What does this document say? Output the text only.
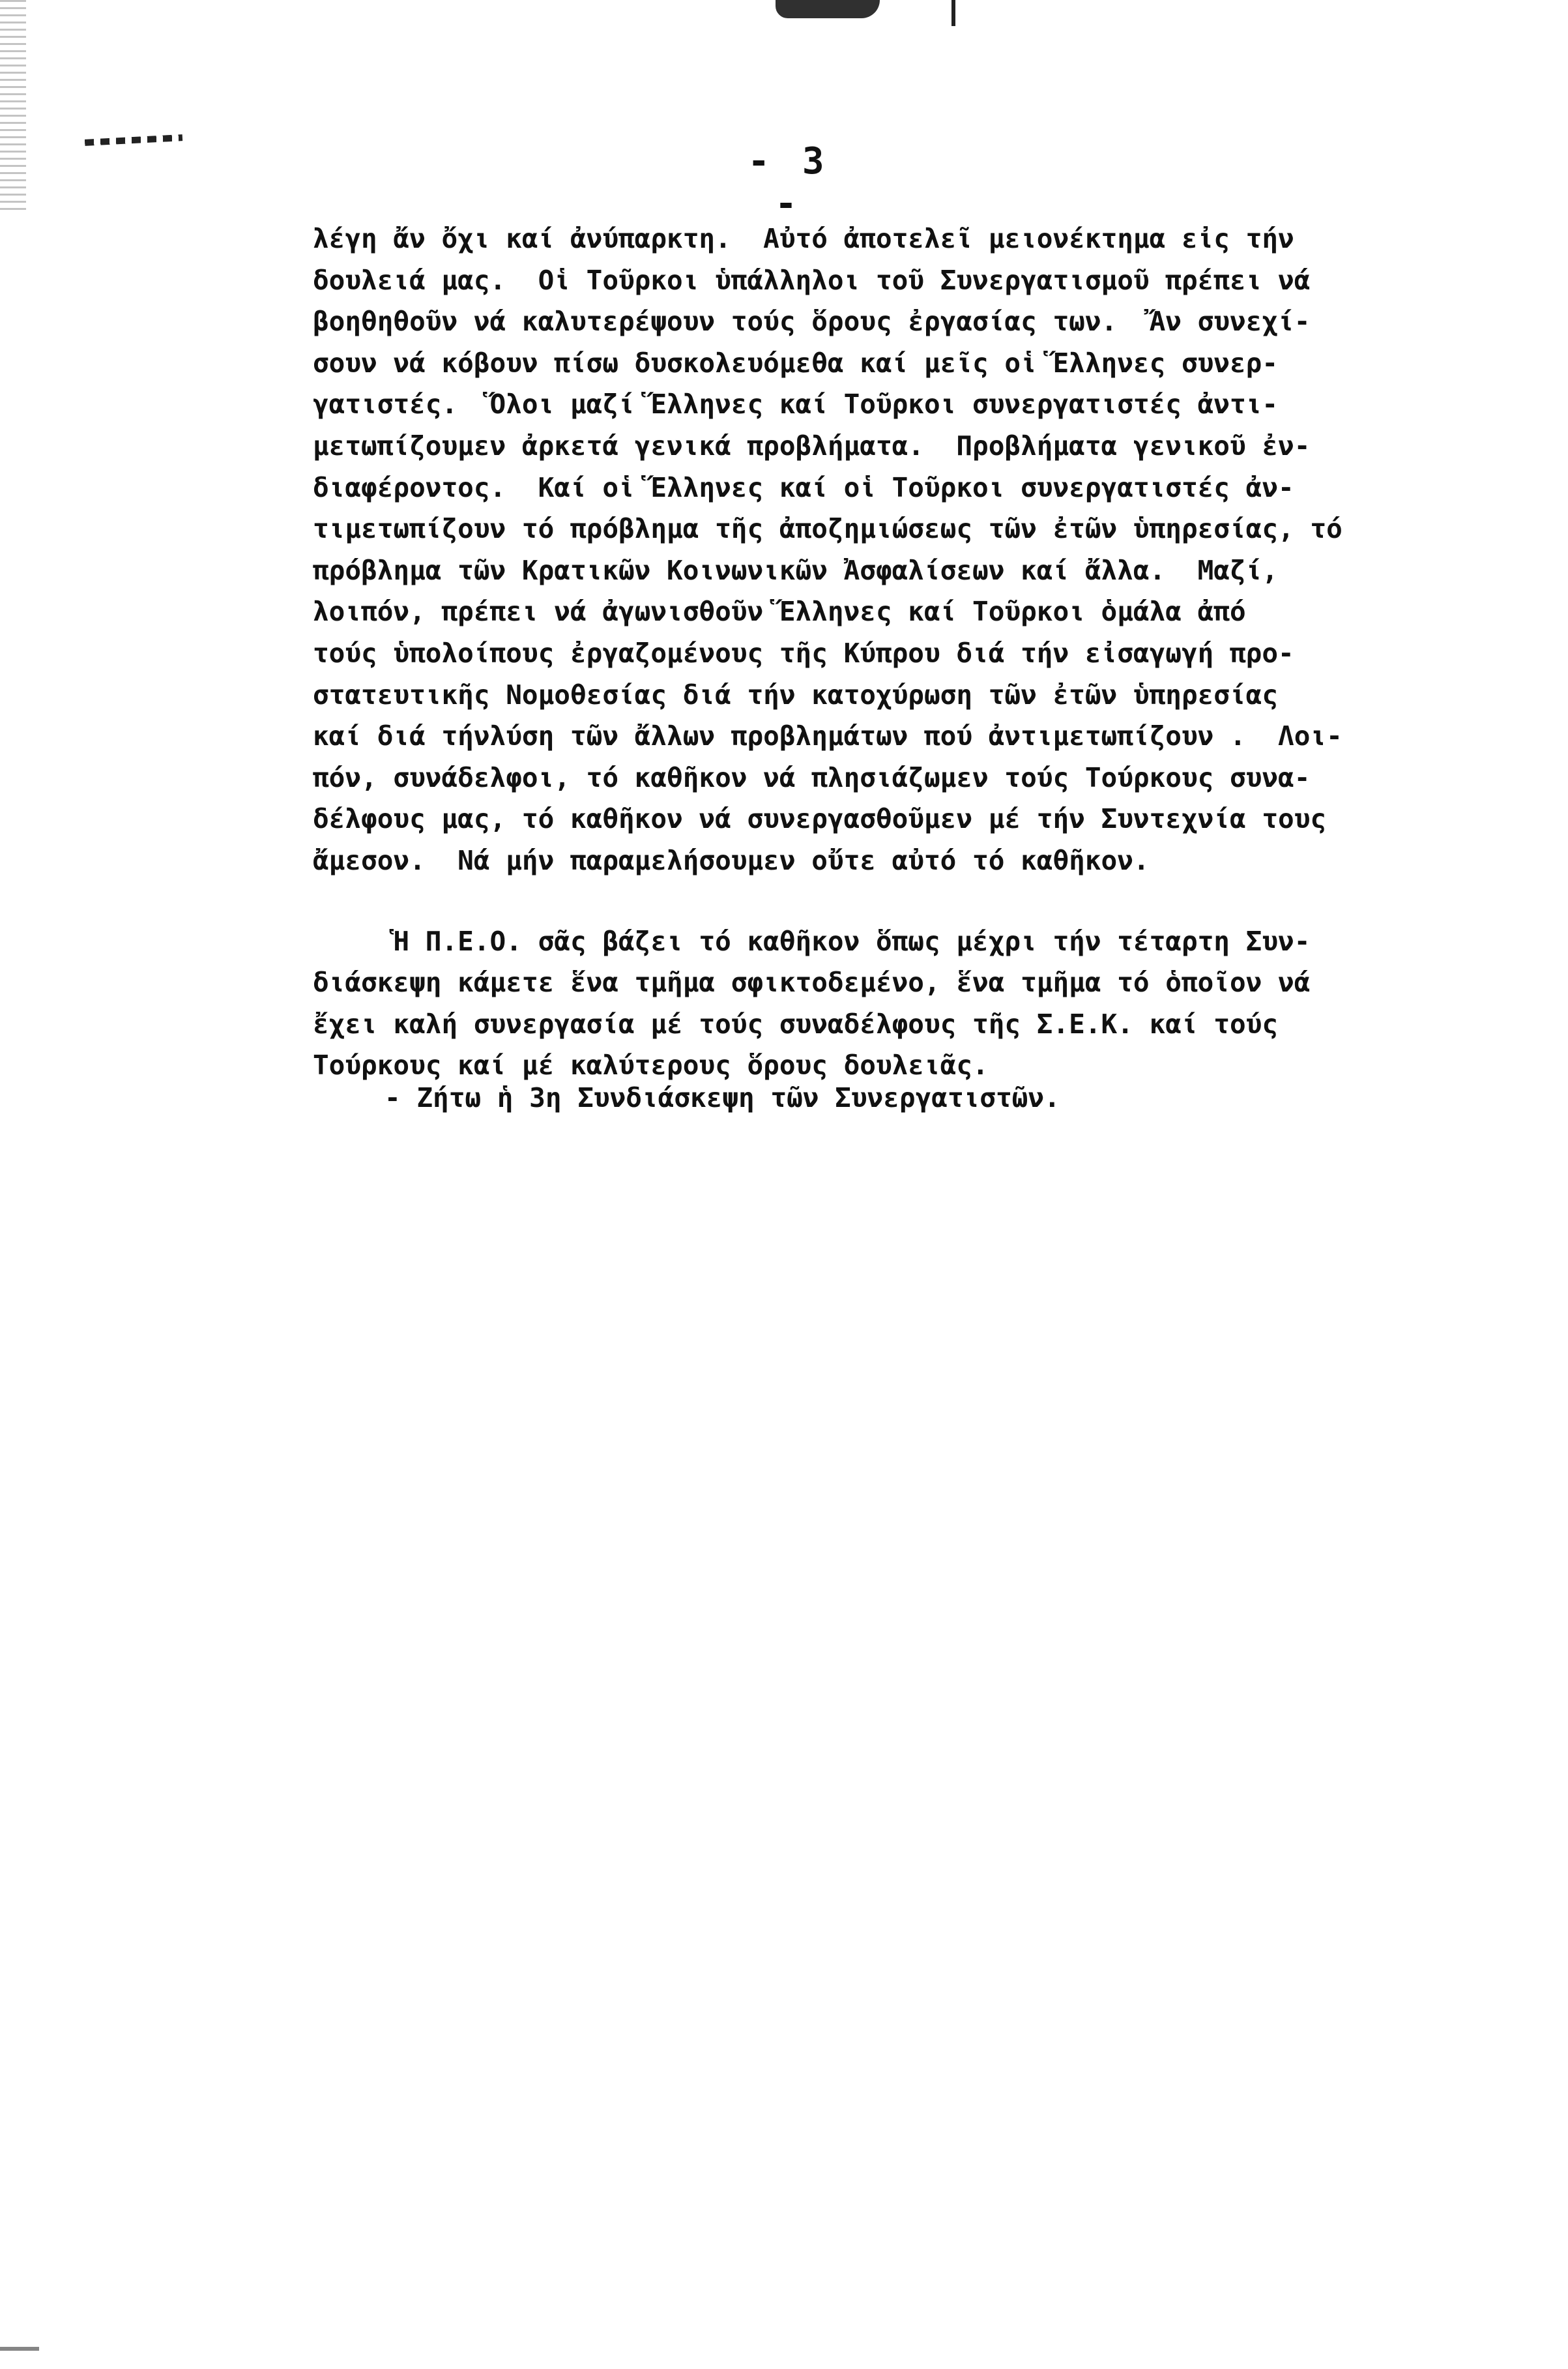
- 3 -
λέγη ἄν ὄχι καί ἀνύπαρκτη.  Αὐτό ἀποτελεῖ μειονέκτημα εἰς τήν
δουλειά μας.  Οἱ Τοῦρκοι ὑπάλληλοι τοῦ Συνεργατισμοῦ πρέπει νά
βοηθηθοῦν νά καλυτερέψουν τούς ὅρους ἐργασίας των.  Ἄν συνεχί-
σουν νά κόβουν πίσω δυσκολευόμεθα καί μεῖς οἱ Ἕλληνες συνερ-
γατιστές.  Ὅλοι μαζί Ἕλληνες καί Τοῦρκοι συνεργατιστές ἀντι-
μετωπίζουμεν ἀρκετά γενικά προβλήματα.  Προβλήματα γενικοῦ ἐν-
διαφέροντος.  Καί οἱ Ἕλληνες καί οἱ Τοῦρκοι συνεργατιστές ἀν-
τιμετωπίζουν τό πρόβλημα τῆς ἀποζημιώσεως τῶν ἐτῶν ὑπηρεσίας, τό
πρόβλημα τῶν Κρατικῶν Κοινωνικῶν Ἀσφαλίσεων καί ἄλλα.  Μαζί,
λοιπόν, πρέπει νά ἀγωνισθοῦν Ἕλληνες καί Τοῦρκοι ὁμάλα ἀπό
τούς ὑπολοίπους ἐργαζομένους τῆς Κύπρου διά τήν εἰσαγωγή προ-
στατευτικῆς Νομοθεσίας διά τήν κατοχύρωση τῶν ἐτῶν ὑπηρεσίας
καί διά τήνλύση τῶν ἄλλων προβλημάτων πού ἀντιμετωπίζουν .  Λοι-
πόν, συνάδελφοι, τό καθῆκον νά πλησιάζωμεν τούς Τούρκους συνα-
δέλφους μας, τό καθῆκον νά συνεργασθοῦμεν μέ τήν Συντεχνία τους
ἄμεσον.  Νά μήν παραμελήσουμεν οὔτε αὐτό τό καθῆκον.
Ἡ Π.Ε.Ο. σᾶς βάζει τό καθῆκον ὅπως μέχρι τήν τέταρτη Συν-
διάσκεψη κάμετε ἕνα τμῆμα σφικτοδεμένο, ἕνα τμῆμα τό ὁποῖον νά
ἔχει καλή συνεργασία μέ τούς συναδέλφους τῆς Σ.Ε.Κ. καί τούς
Τούρκους καί μέ καλύτερους ὅρους δουλειᾶς.
- Ζήτω ἡ 3η Συνδιάσκεψη τῶν Συνεργατιστῶν.
